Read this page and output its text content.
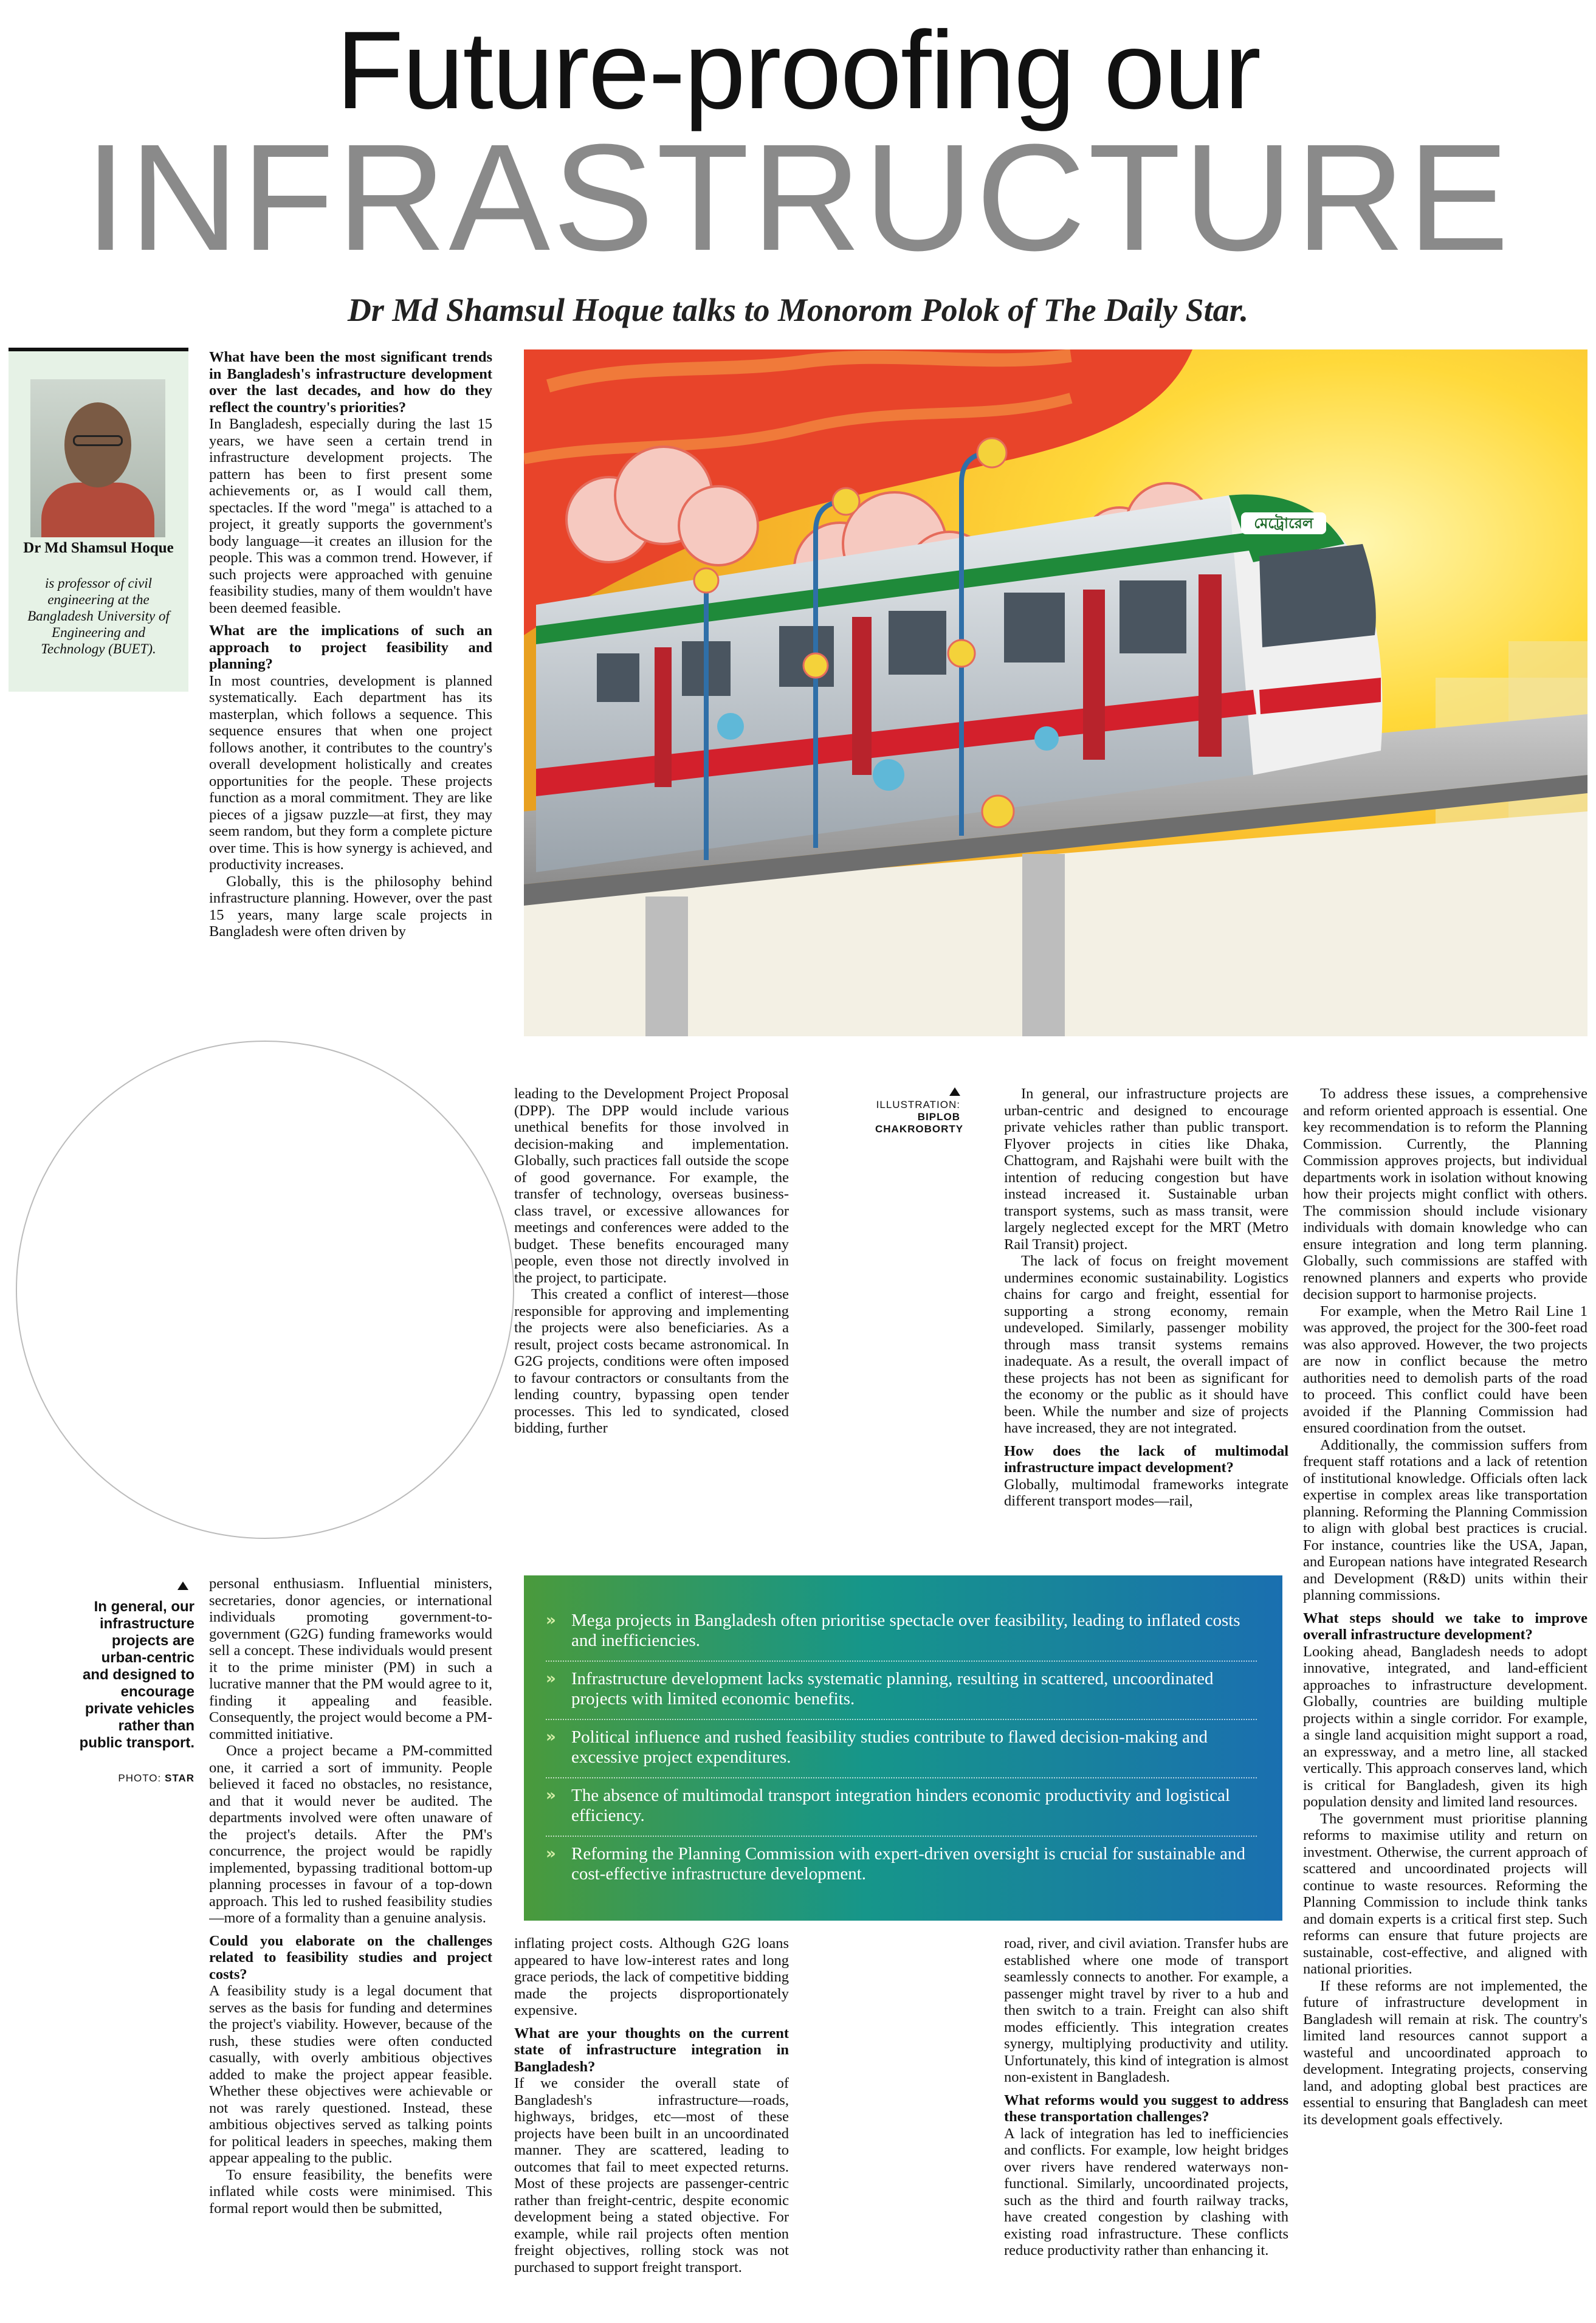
Future-proofing our
INFRASTRUCTURE
Dr Md Shamsul Hoque talks to Monorom Polok of The Daily Star.
Dr Md Shamsul Hoque
is professor of civil engineering at the Bangladesh University of Engineering and Technology (BUET).

What have been the most significant trends in Bangladesh's infrastructure development over the last decades, and how do they reflect the country's priorities?

In Bangladesh, especially during the last 15 years, we have seen a certain trend in infrastructure development projects. The pattern has been to first present some achievements or, as I would call them, spectacles. If the word "mega" is attached to a project, it greatly supports the government's body language—it creates an illusion for the people. This was a common trend. However, if such projects were approached with genuine feasibility studies, many of them wouldn't have been deemed feasible.

What are the implications of such an approach to project feasibility and planning?

In most countries, development is planned systematically. Each department has its masterplan, which follows a sequence. This sequence ensures that when one project follows another, it contributes to the country's overall development holistically and creates opportunities for the people. These projects function as a moral commitment. They are like pieces of a jigsaw puzzle—at first, they may seem random, but they form a complete picture over time. This is how synergy is achieved, and productivity increases.

Globally, this is the philosophy behind infrastructure planning. However, over the past 15 years, many large scale projects in Bangladesh were often driven by

মেট্রোরেল
ILLUSTRATION:
BIPLOB CHAKROBORTY

leading to the Development Project Proposal (DPP). The DPP would include various unethical benefits for those involved in decision-making and implementation. Globally, such practices fall outside the scope of good governance. For example, the transfer of technology, overseas business-class travel, or excessive allowances for meetings and conferences were added to the budget. These benefits encouraged many people, even those not directly involved in the project, to participate.

This created a conflict of interest—those responsible for approving and implementing the projects were also beneficiaries. As a result, project costs became astronomical. In G2G projects, conditions were often imposed to favour contractors or consultants from the lending country, bypassing open tender processes. This led to syndicated, closed bidding, further

In general, our infrastructure projects are urban-centric and designed to encourage private vehicles rather than public transport. Flyover projects in cities like Dhaka, Chattogram, and Rajshahi were built with the intention of reducing congestion but have instead increased it. Sustainable urban transport systems, such as mass transit, were largely neglected except for the MRT (Metro Rail Transit) project.

The lack of focus on freight movement undermines economic sustainability. Logistics chains for cargo and freight, essential for supporting a strong economy, remain undeveloped. Similarly, passenger mobility through mass transit systems remains inadequate. As a result, the overall impact of these projects has not been as significant for the economy or the public as it should have been. While the number and size of projects have increased, they are not integrated.

How does the lack of multimodal infrastructure impact development?

Globally, multimodal frameworks integrate different transport modes—rail,

To address these issues, a comprehensive and reform oriented approach is essential. One key recommendation is to reform the Planning Commission. Currently, the Planning Commission approves projects, but individual departments work in isolation without knowing how their projects might conflict with others. The commission should include visionary individuals with domain knowledge who can ensure integration and long term planning. Globally, such commissions are staffed with renowned planners and experts who provide decision support to harmonise projects.

For example, when the Metro Rail Line 1 was approved, the project for the 300-feet road was also approved. However, the two projects are now in conflict because the metro authorities need to demolish parts of the road to proceed. This conflict could have been avoided if the Planning Commission had ensured coordination from the outset.

Additionally, the commission suffers from frequent staff rotations and a lack of retention of institutional knowledge. Officials often lack expertise in complex areas like transportation planning. Reforming the Planning Commission to align with global best practices is crucial. For instance, countries like the USA, Japan, and European nations have integrated Research and Development (R&D) units within their planning commissions.

What steps should we take to improve overall infrastructure development?

Looking ahead, Bangladesh needs to adopt innovative, integrated, and land-efficient approaches to infrastructure development. Globally, countries are building multiple projects within a single corridor. For example, a single land acquisition might support a road, an expressway, and a metro line, all stacked vertically. This approach conserves land, which is critical for Bangladesh, given its high population density and limited land resources.

The government must prioritise planning reforms to maximise utility and return on investment. Otherwise, the current approach of scattered and uncoordinated projects will continue to waste resources. Reforming the Planning Commission to include think tanks and domain experts is a critical first step. Such reforms can ensure that future projects are sustainable, cost-effective, and aligned with national priorities.

If these reforms are not implemented, the future of infrastructure development in Bangladesh will remain at risk. The country's limited land resources cannot support a wasteful and uncoordinated approach to development. Integrating projects, conserving land, and adopting global best practices are essential to ensuring that Bangladesh can meet its development goals effectively.

In general, our infrastructure projects are urban-centric and designed to encourage private vehicles rather than public transport.
PHOTO: STAR

personal enthusiasm. Influential ministers, secretaries, donor agencies, or international individuals promoting government-to-government (G2G) funding frameworks would sell a concept. These individuals would present it to the prime minister (PM) in such a lucrative manner that the PM would agree to it, finding it appealing and feasible. Consequently, the project would become a PM-committed initiative.

Once a project became a PM-committed one, it carried a sort of immunity. People believed it faced no obstacles, no resistance, and that it would never be audited. The departments involved were often unaware of the project's details. After the PM's concurrence, the project would be rapidly implemented, bypassing traditional bottom-up planning processes in favour of a top-down approach. This led to rushed feasibility studies—more of a formality than a genuine analysis.

Could you elaborate on the challenges related to feasibility studies and project costs?

A feasibility study is a legal document that serves as the basis for funding and determines the project's viability. However, because of the rush, these studies were often conducted casually, with overly ambitious objectives added to make the project appear feasible. Whether these objectives were achievable or not was rarely questioned. Instead, these ambitious objectives served as talking points for political leaders in speeches, making them appear appealing to the public.

To ensure feasibility, the benefits were inflated while costs were minimised. This formal report would then be submitted,

» Mega projects in Bangladesh often prioritise spectacle over feasibility, leading to inflated costs and inefficiencies.
» Infrastructure development lacks systematic planning, resulting in scattered, uncoordinated projects with limited economic benefits.
» Political influence and rushed feasibility studies contribute to flawed decision-making and excessive project expenditures.
» The absence of multimodal transport integration hinders economic productivity and logistical efficiency.
» Reforming the Planning Commission with expert-driven oversight is crucial for sustainable and cost-effective infrastructure development.

inflating project costs. Although G2G loans appeared to have low-interest rates and long grace periods, the lack of competitive bidding made the projects disproportionately expensive.

What are your thoughts on the current state of infrastructure integration in Bangladesh?

If we consider the overall state of Bangladesh's infrastructure—roads, highways, bridges, etc—most of these projects have been built in an uncoordinated manner. They are scattered, leading to outcomes that fail to meet expected returns. Most of these projects are passenger-centric rather than freight-centric, despite economic development being a stated objective. For example, while rail projects often mention freight objectives, rolling stock was not purchased to support freight transport.

road, river, and civil aviation. Transfer hubs are established where one mode of transport seamlessly connects to another. For example, a passenger might travel by river to a hub and then switch to a train. Freight can also shift modes efficiently. This integration creates synergy, multiplying productivity and utility. Unfortunately, this kind of integration is almost non-existent in Bangladesh.

What reforms would you suggest to address these transportation challenges?

A lack of integration has led to inefficiencies and conflicts. For example, low height bridges over rivers have rendered waterways non-functional. Similarly, uncoordinated projects, such as the third and fourth railway tracks, have created congestion by clashing with existing road infrastructure. These conflicts reduce productivity rather than enhancing it.
